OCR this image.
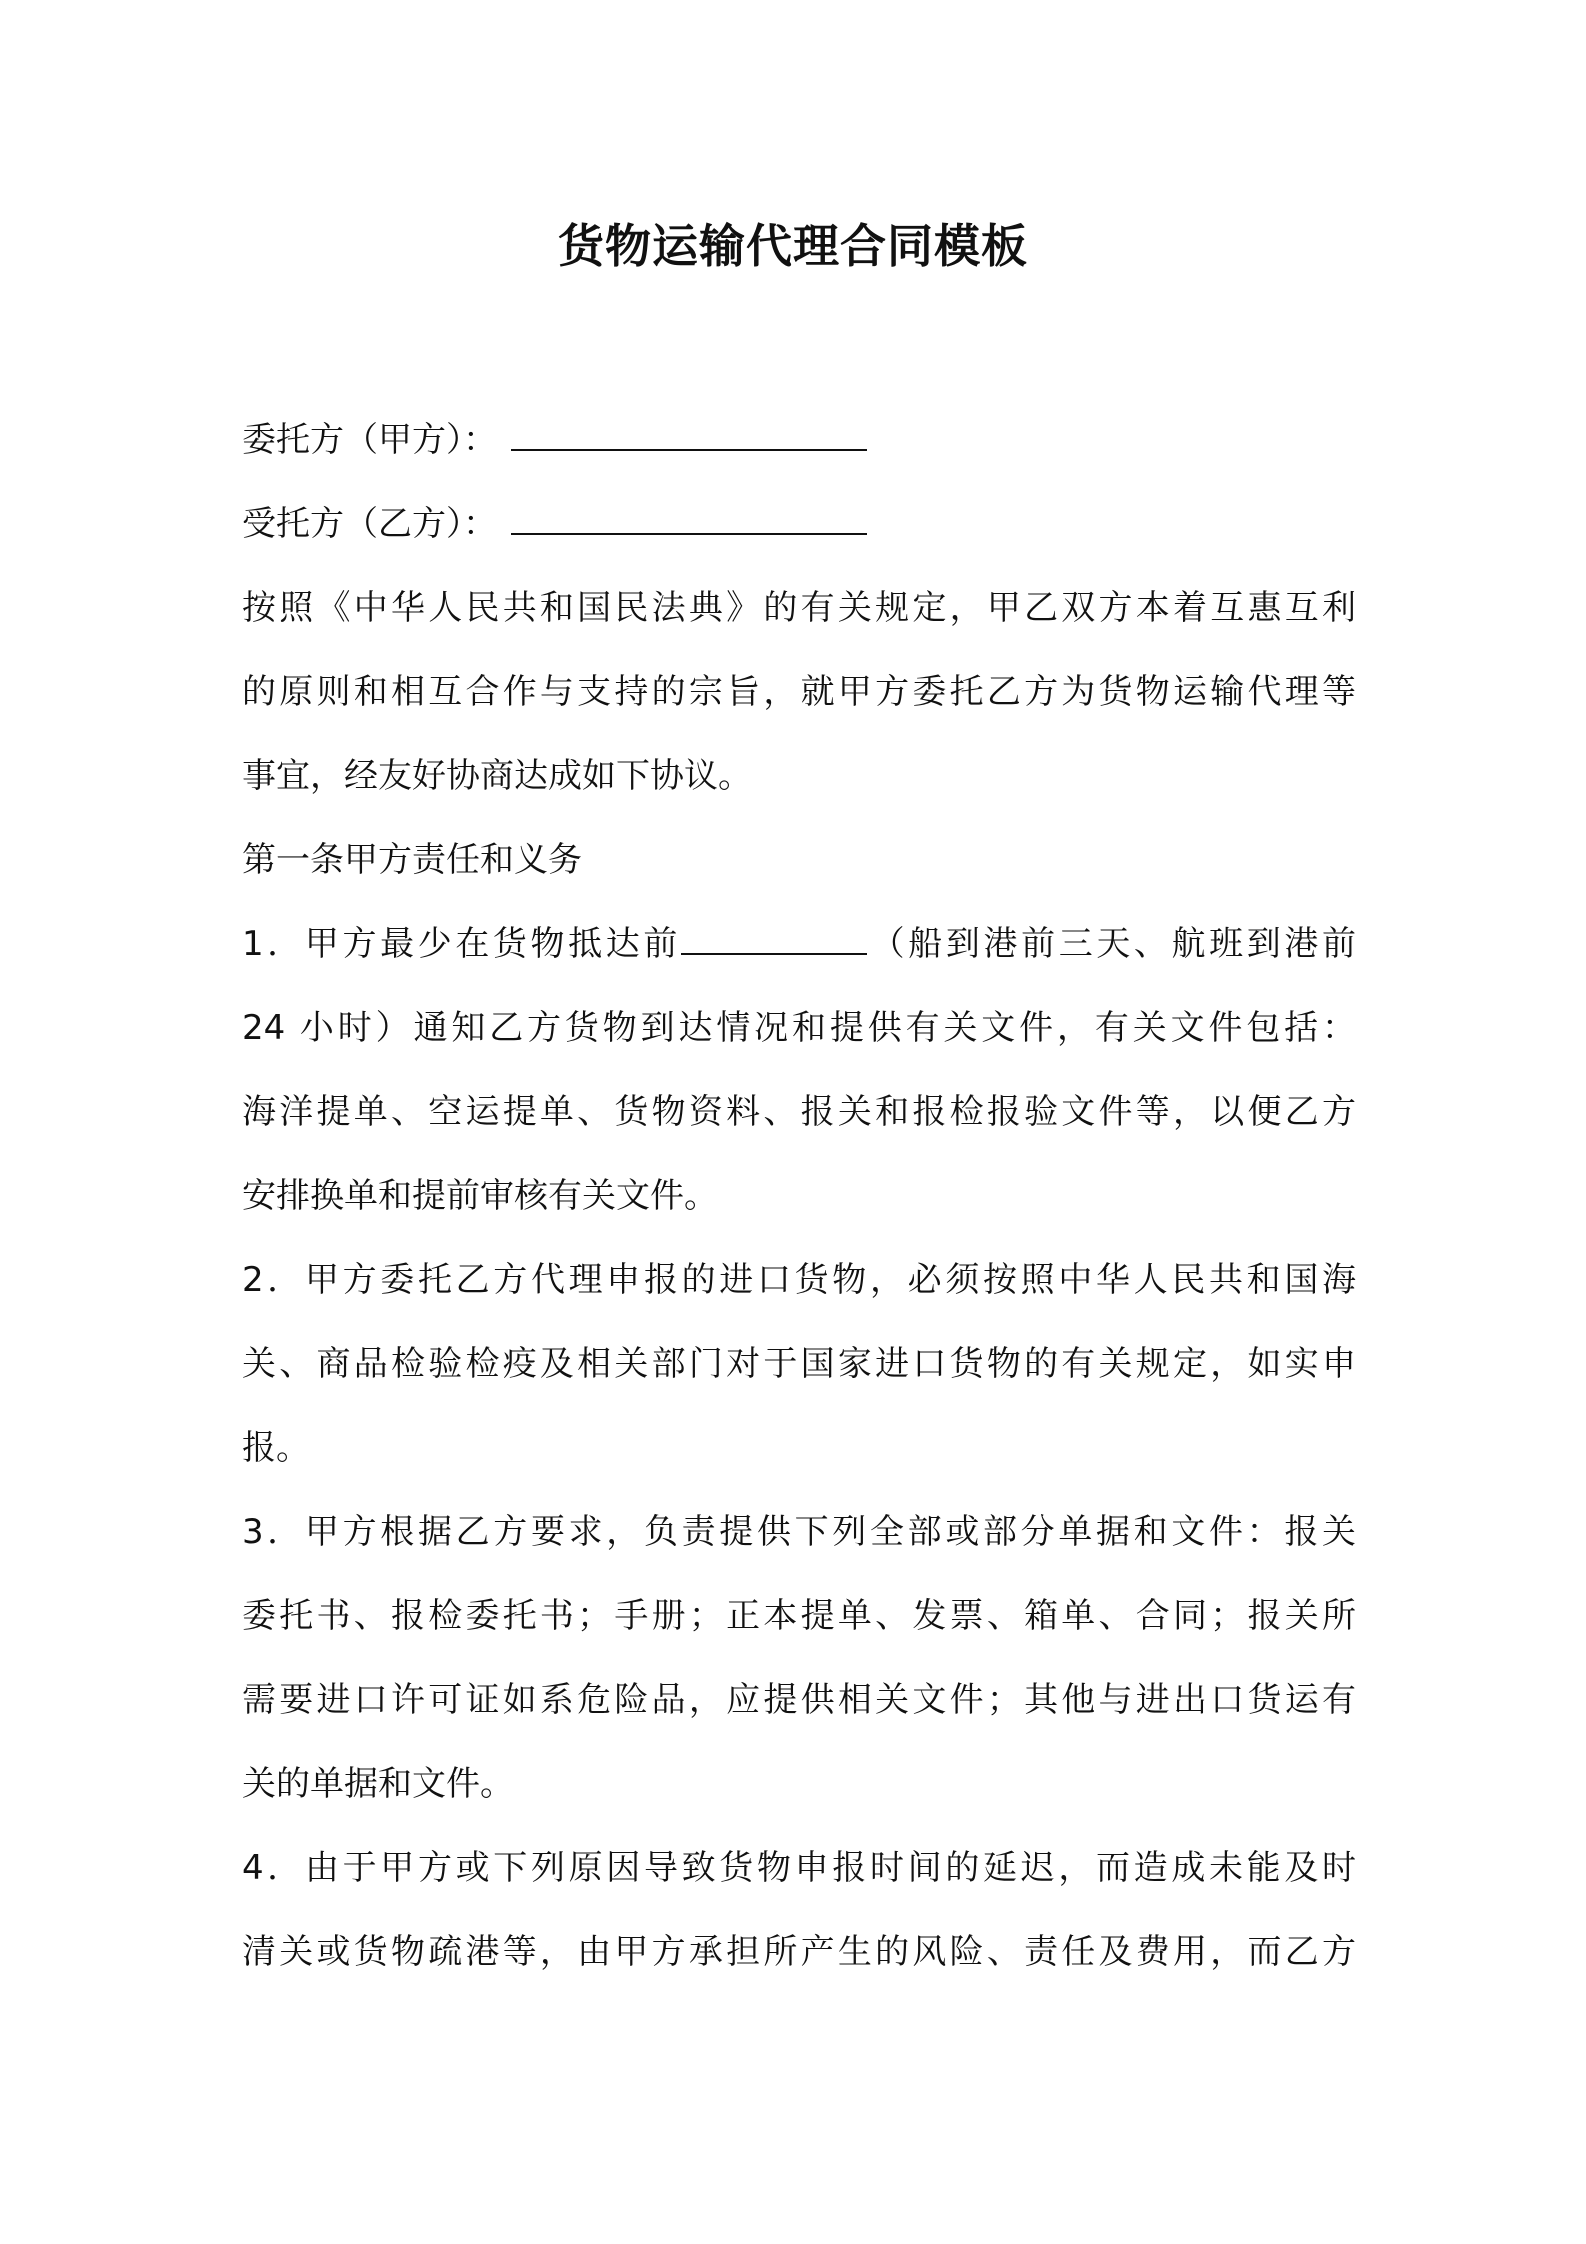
货物运输代理合同模板

委托方（甲方）：

受托方（乙方）：

按照《中华人民共和国民法典》的有关规定，甲乙双方本着互惠互利

的原则和相互合作与支持的宗旨，就甲方委托乙方为货物运输代理等

事宜，经友好协商达成如下协议。

第一条甲方责任和义务

1．甲方最少在货物抵达前	（船到港前三天、航班到港前

24 小时）通知乙方货物到达情况和提供有关文件，有关文件包括：

海洋提单、空运提单、货物资料、报关和报检报验文件等，以便乙方

安排换单和提前审核有关文件。

2．甲方委托乙方代理申报的进口货物，必须按照中华人民共和国海

关、商品检验检疫及相关部门对于国家进口货物的有关规定，如实申

报。

3．甲方根据乙方要求，负责提供下列全部或部分单据和文件：报关

委托书、报检委托书；手册；正本提单、发票、箱单、合同；报关所

需要进口许可证如系危险品，应提供相关文件；其他与进出口货运有

关的单据和文件。

4．由于甲方或下列原因导致货物申报时间的延迟，而造成未能及时

清关或货物疏港等，由甲方承担所产生的风险、责任及费用，而乙方
